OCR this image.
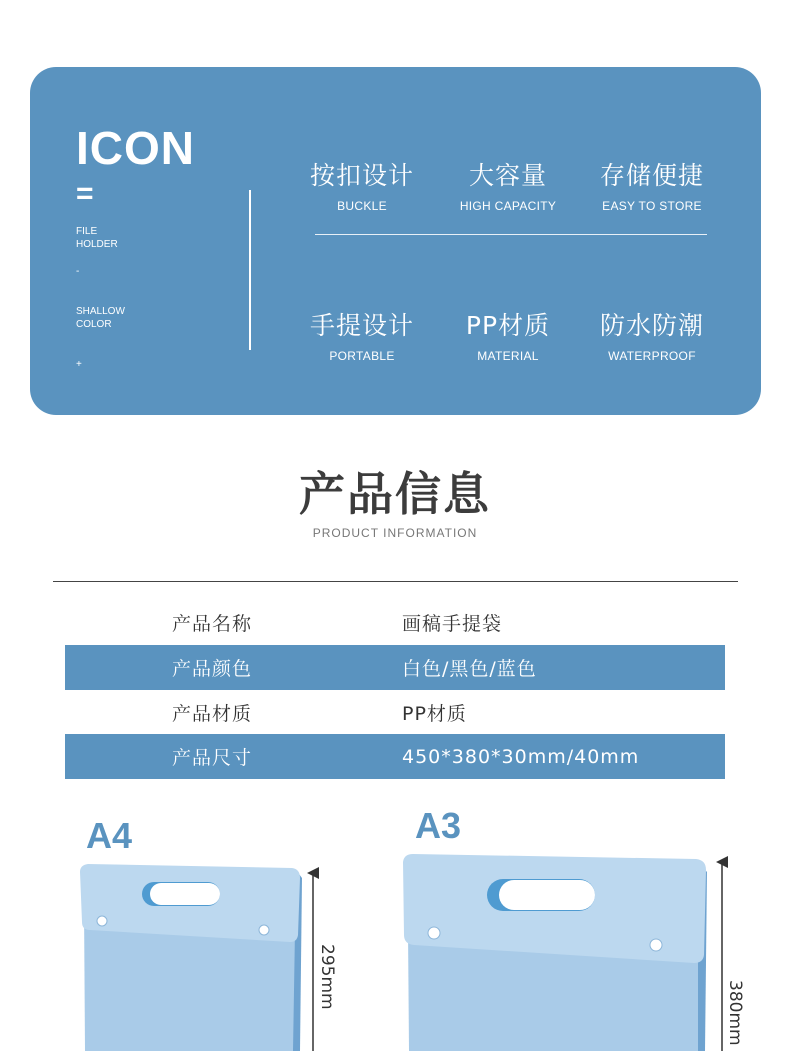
ICON
=
FILE
HOLDER
-
SHALLOW
COLOR
+
按扣设计
BUCKLE
大容量
HIGH CAPACITY
存储便捷
EASY TO STORE
手提设计
PORTABLE
PP材质
MATERIAL
防水防潮
WATERPROOF
产品信息
PRODUCT INFORMATION
产品名称	画稿手提袋
产品颜色	白色/黑色/蓝色
产品材质	PP材质
产品尺寸	450*380*30mm/40mm
A4	A3
295mm
380mm
